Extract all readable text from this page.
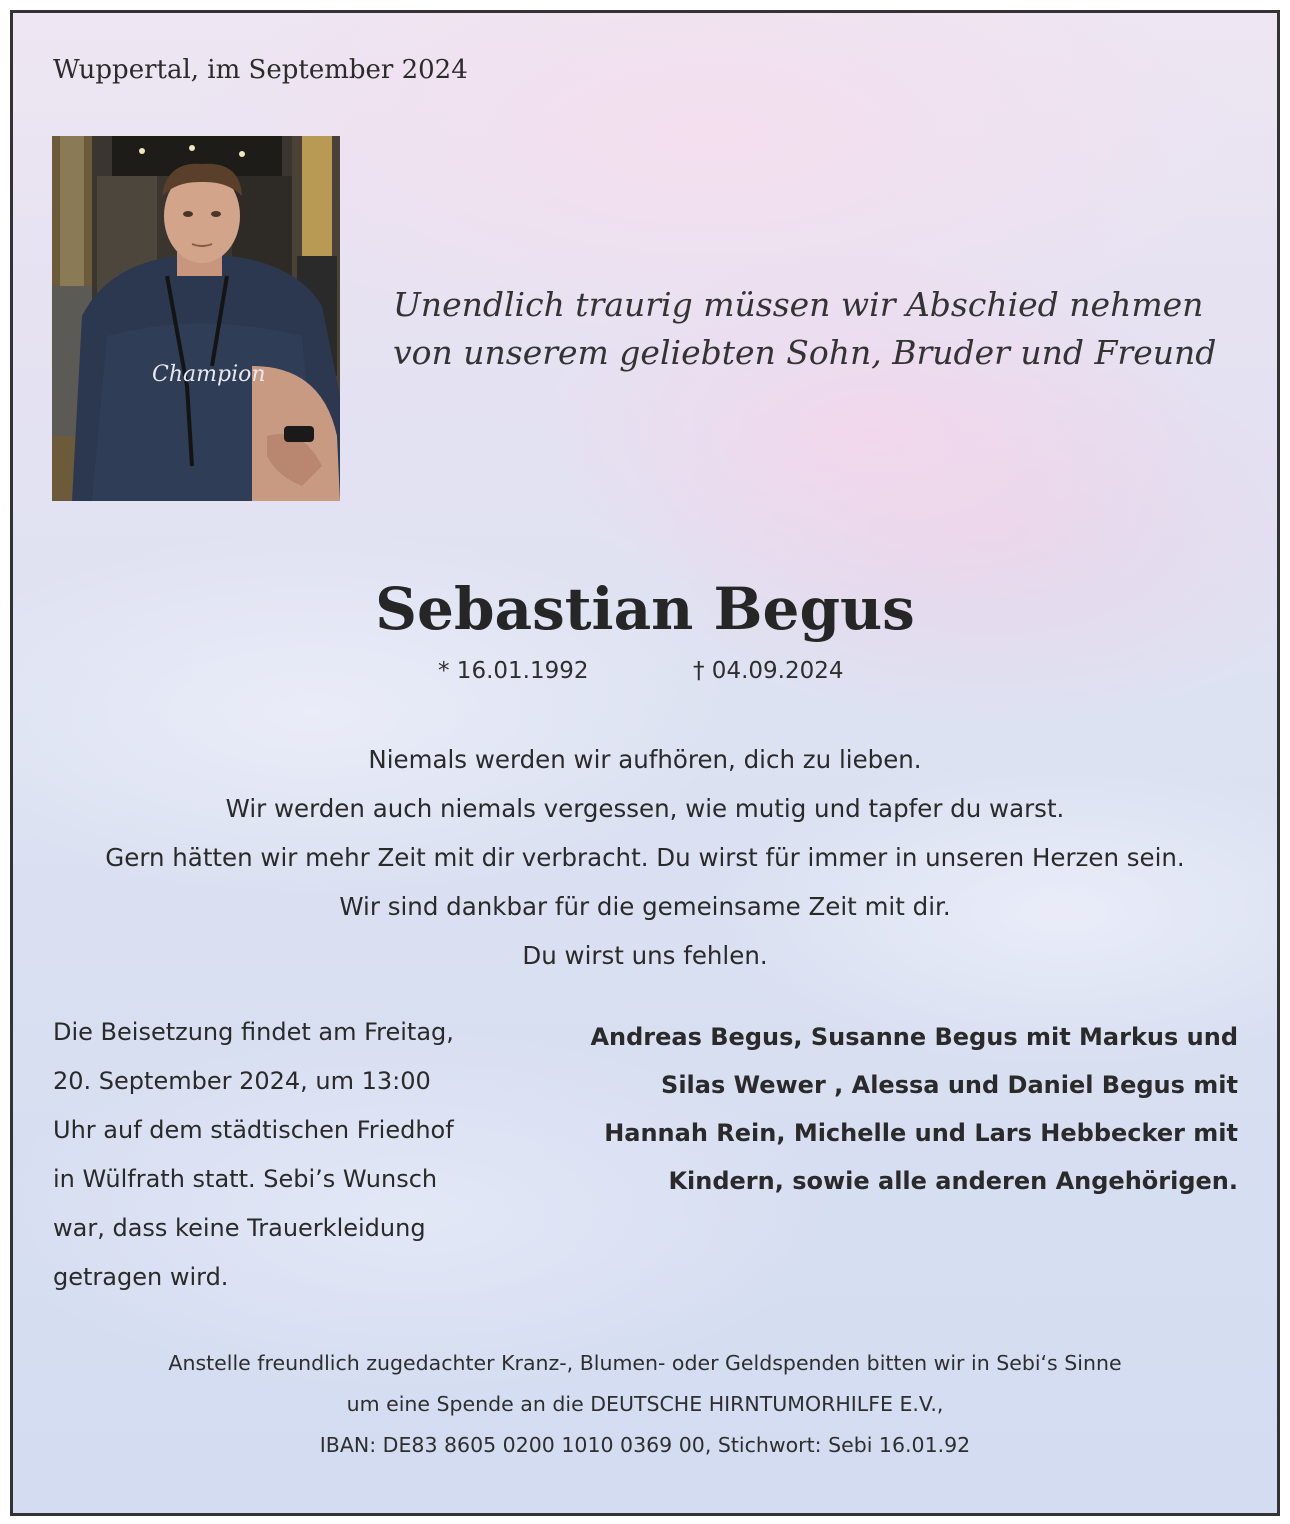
Wuppertal, im September 2024
Champion
Unendlich traurig müssen wir Abschied nehmen
von unserem geliebten Sohn, Bruder und Freund
Sebastian Begus
* 16.01.1992	† 04.09.2024
Niemals werden wir aufhören, dich zu lieben.
Wir werden auch niemals vergessen, wie mutig und tapfer du warst.
Gern hätten wir mehr Zeit mit dir verbracht. Du wirst für immer in unseren Herzen sein.
Wir sind dankbar für die gemeinsame Zeit mit dir.
Du wirst uns fehlen.
Die Beisetzung findet am Freitag,
20. September 2024, um 13:00
Uhr auf dem städtischen Friedhof
in Wülfrath statt. Sebi’s Wunsch
war, dass keine Trauerkleidung
getragen wird.
Andreas Begus, Susanne Begus mit Markus und
Silas Wewer , Alessa und Daniel Begus mit
Hannah Rein, Michelle und Lars Hebbecker mit
Kindern, sowie alle anderen Angehörigen.
Anstelle freundlich zugedachter Kranz-, Blumen- oder Geldspenden bitten wir in Sebi‘s Sinne
um eine Spende an die DEUTSCHE HIRNTUMORHILFE E.V.,
IBAN: DE83 8605 0200 1010 0369 00, Stichwort: Sebi 16.01.92
